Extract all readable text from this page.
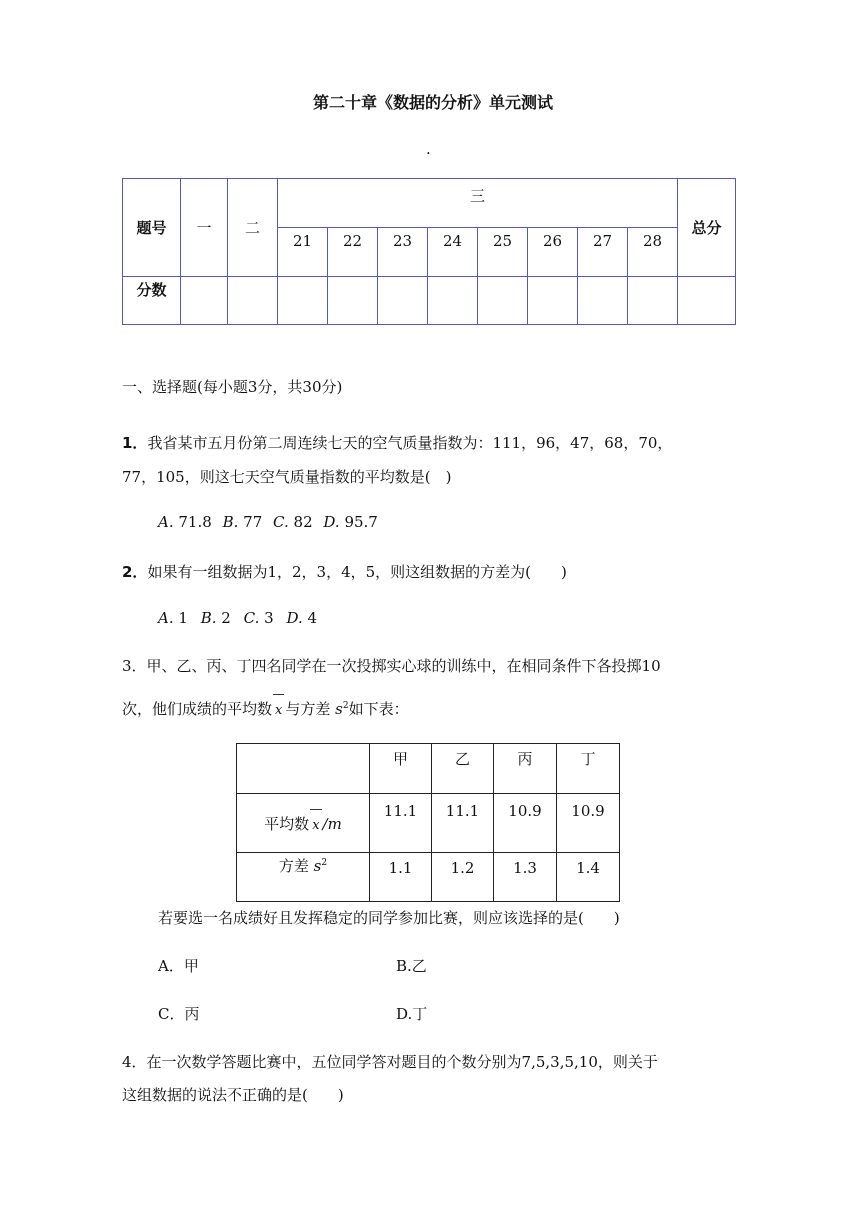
第二十章《数据的分析》单元测试
.
题号	一	二	三								总分
			21	22	23	24	25	26	27	28	
分数											
一、选择题(每小题3分，共30分)
1．我省某市五月份第二周连续七天的空气质量指数为：111，96，47，68，70，
77，105，则这七天空气质量指数的平均数是(　)
A. 71.8 B. 77 C. 82 D. 95.7
2．如果有一组数据为1，2，3，4，5，则这组数据的方差为(　　)
A. 1 B. 2 C. 3 D. 4
3．甲、乙、丙、丁四名同学在一次投掷实心球的训练中，在相同条件下各投掷10
次，他们成绩的平均数 x 与方差 $s^2$如下表：
	甲	乙	丙	丁
平均数 x /m	11.1	11.1	10.9	10.9
方差 $s^2$	1.1	1.2	1.3	1.4
若要选一名成绩好且发挥稳定的同学参加比赛，则应该选择的是(　　)
A．甲	B.乙
C．丙	D.丁
4．在一次数学答题比赛中，五位同学答对题目的个数分别为7,5,3,5,10，则关于
这组数据的说法不正确的是(　　)
